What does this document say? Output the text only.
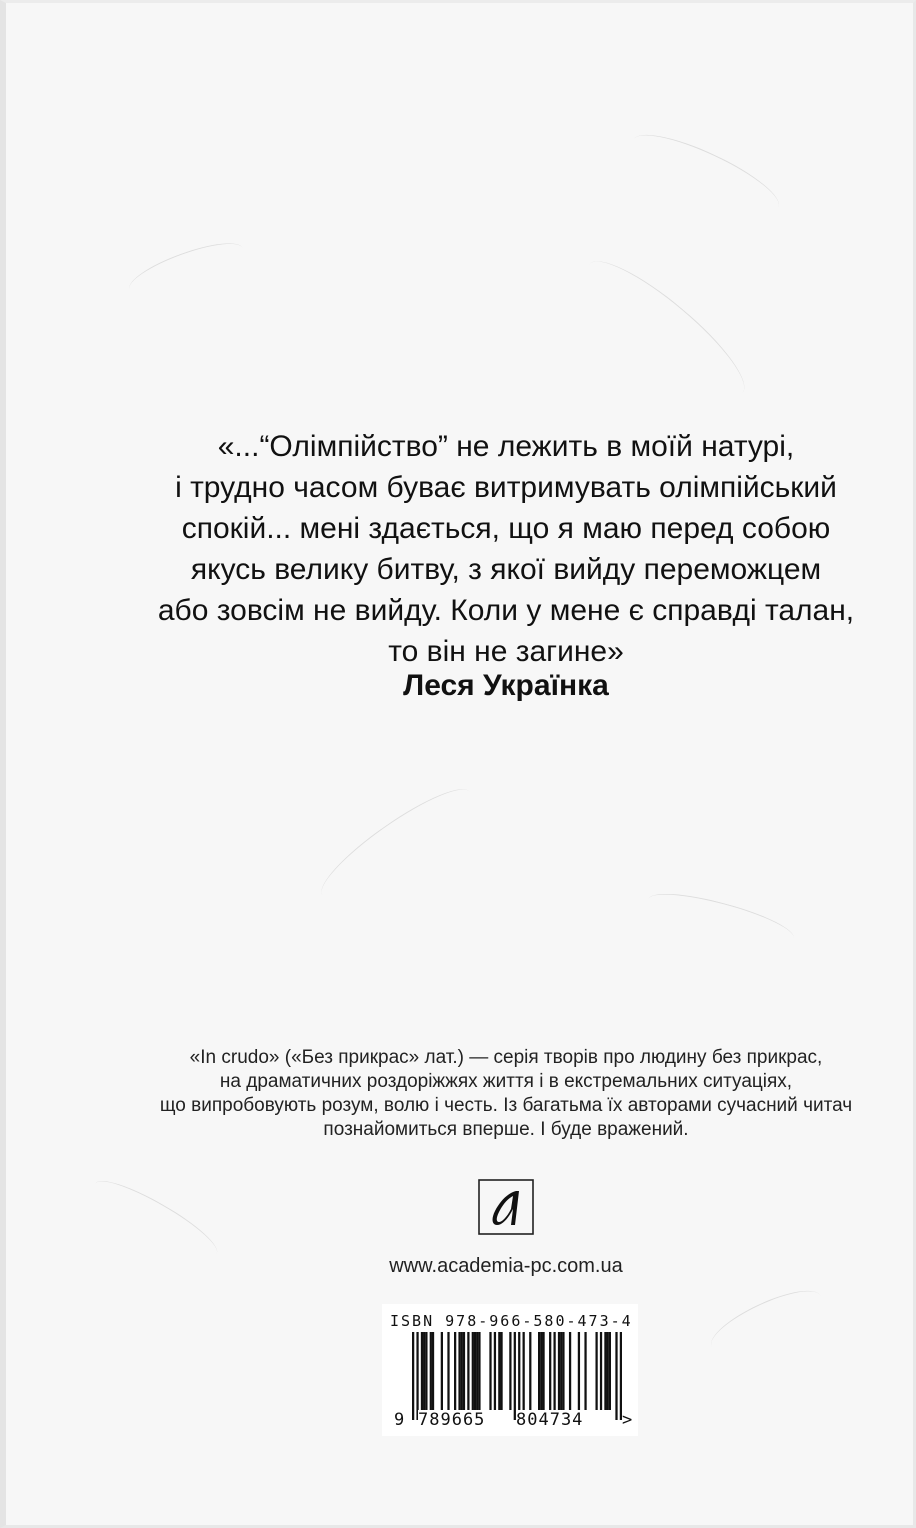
«...“Олімпійство” не лежить в моїй натурі,
і трудно часом буває витримувать олімпійський
спокій... мені здається, що я маю перед собою
якусь велику битву, з якої вийду переможцем
або зовсім не вийду. Коли у мене є справді талан,
то він не загине»
Леся Українка
«In crudo» («Без прикрас» лат.) — серія творів про людину без прикрас,
на драматичних роздоріжжях життя і в екстремальних ситуаціях,
що випробовують розум, волю і честь. Із багатьма їх авторами сучасний читач
познайомиться вперше. І буде вражений.
www.academia-pc.com.ua
ISBN 978-966-580-473-4
9 789665 804734 >
